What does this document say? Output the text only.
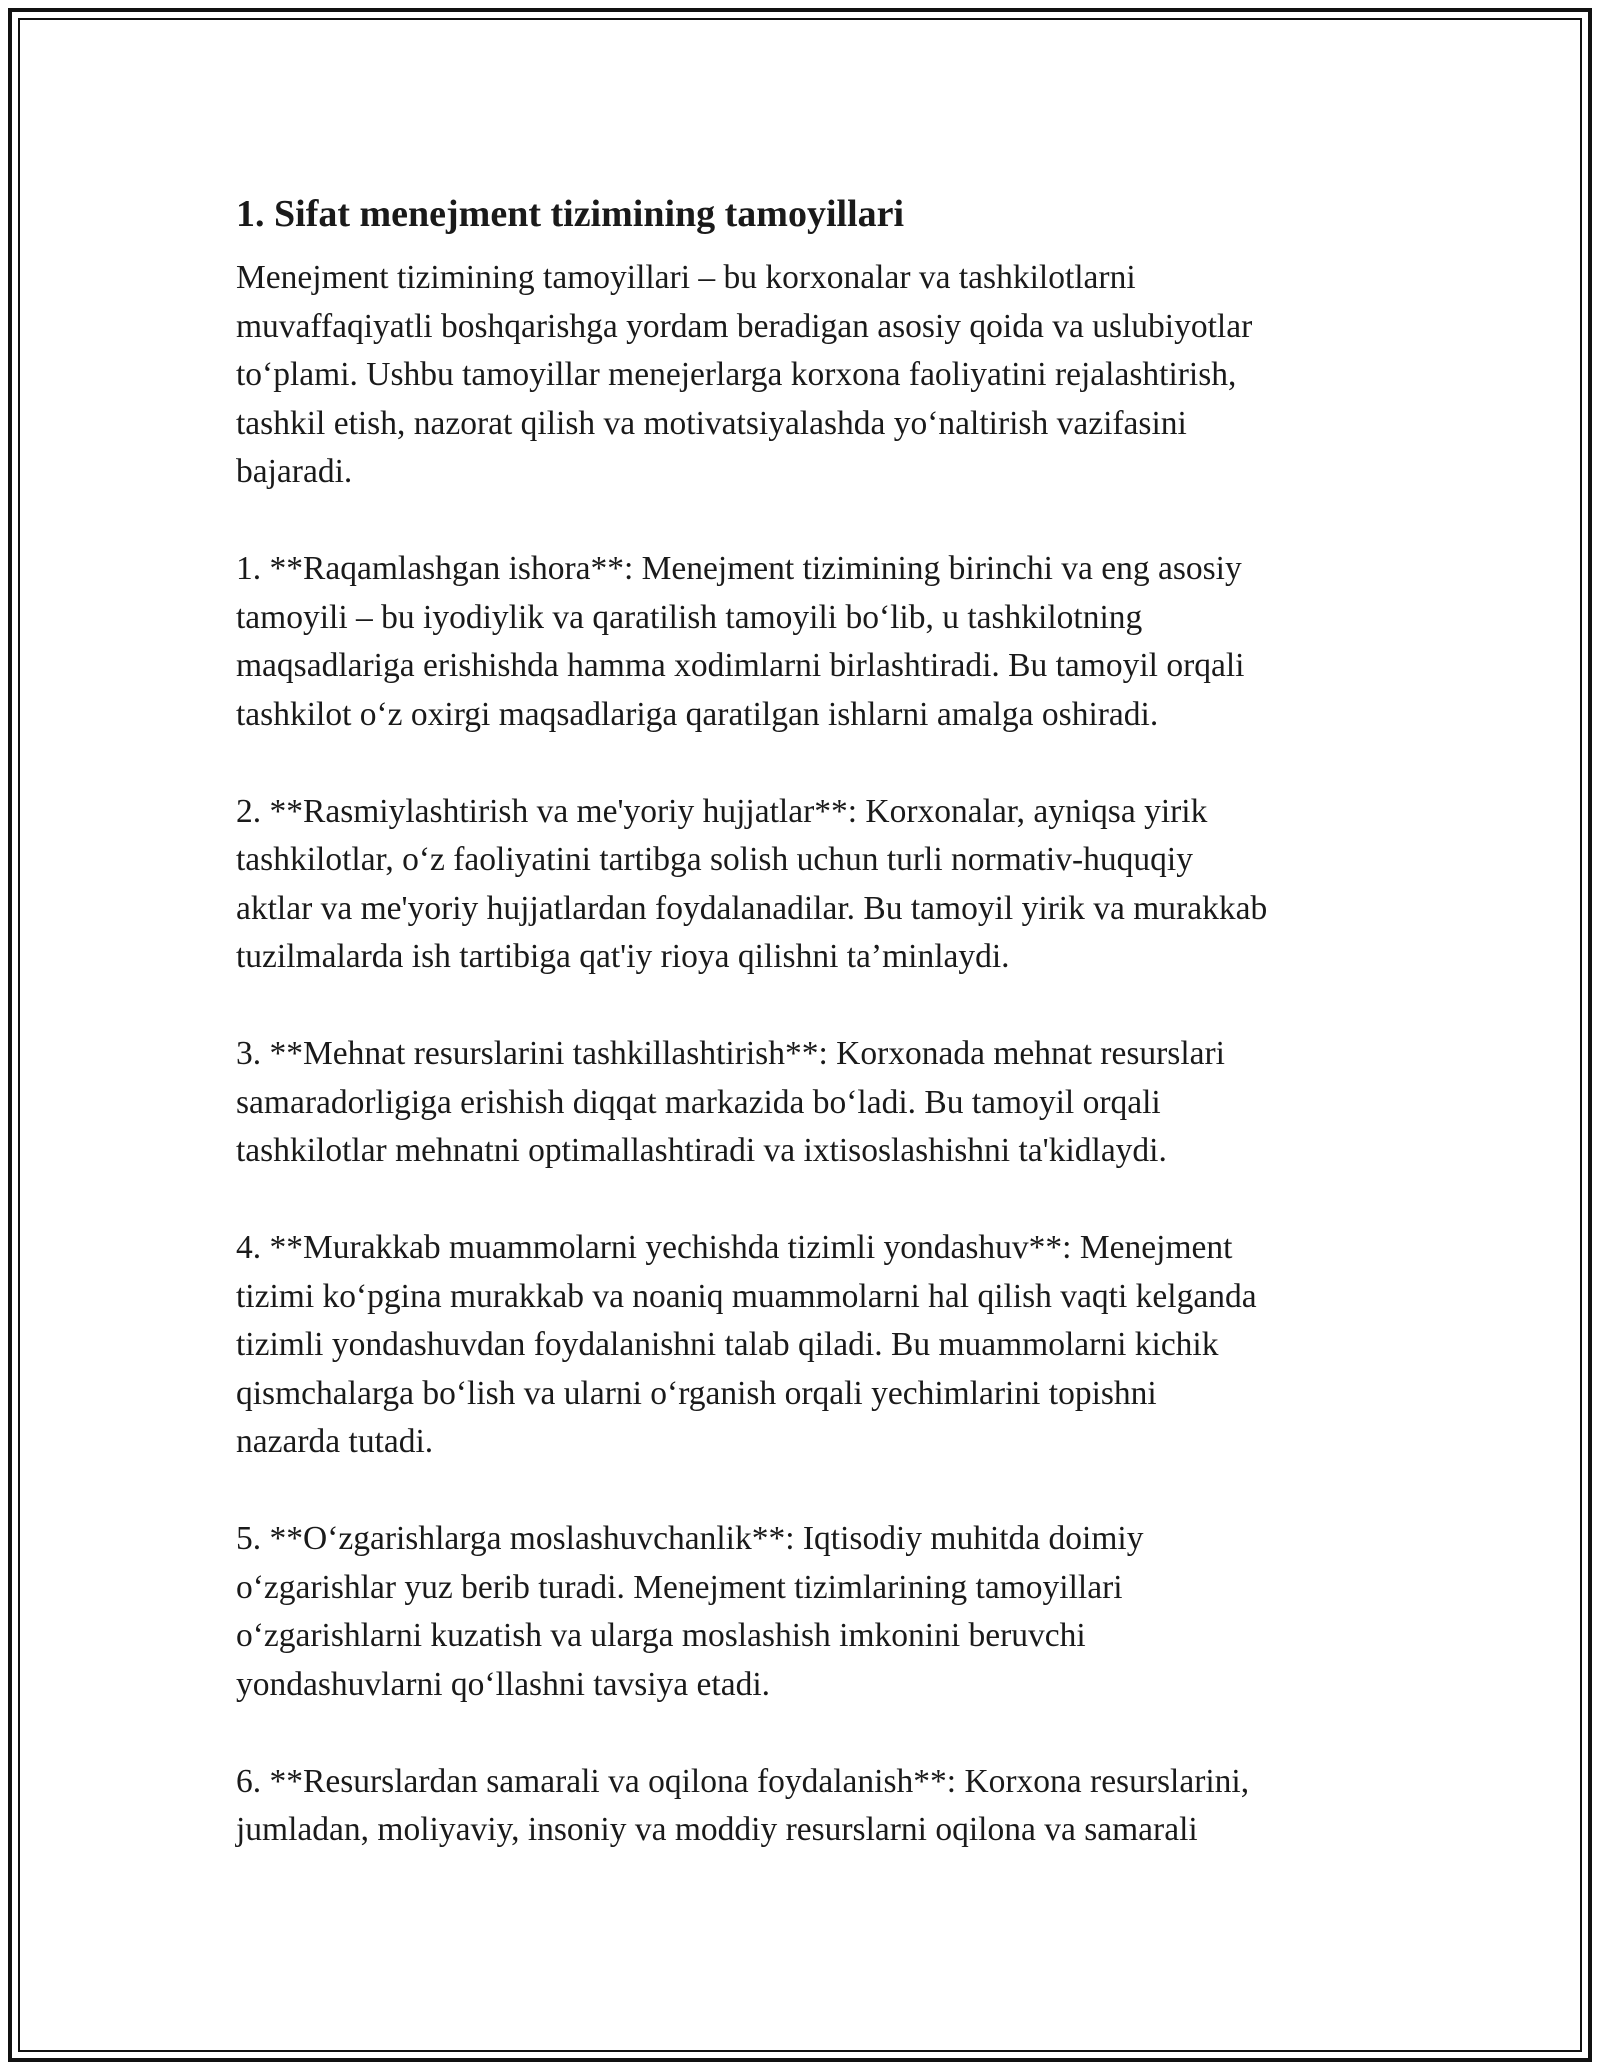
1. Sifat menejment tizimining tamoyillari

Menejment tizimining tamoyillari – bu korxonalar va tashkilotlarni
muvaffaqiyatli boshqarishga yordam beradigan asosiy qoida va uslubiyotlar
to‘plami. Ushbu tamoyillar menejerlarga korxona faoliyatini rejalashtirish,
tashkil etish, nazorat qilish va motivatsiyalashda yo‘naltirish vazifasini
bajaradi.

1. **Raqamlashgan ishora**: Menejment tizimining birinchi va eng asosiy
tamoyili – bu iyodiylik va qaratilish tamoyili bo‘lib, u tashkilotning
maqsadlariga erishishda hamma xodimlarni birlashtiradi. Bu tamoyil orqali
tashkilot o‘z oxirgi maqsadlariga qaratilgan ishlarni amalga oshiradi.

2. **Rasmiylashtirish va me'yoriy hujjatlar**: Korxonalar, ayniqsa yirik
tashkilotlar, o‘z faoliyatini tartibga solish uchun turli normativ-huquqiy
aktlar va me'yoriy hujjatlardan foydalanadilar. Bu tamoyil yirik va murakkab
tuzilmalarda ish tartibiga qat'iy rioya qilishni ta’minlaydi.

3. **Mehnat resurslarini tashkillashtirish**: Korxonada mehnat resurslari
samaradorligiga erishish diqqat markazida bo‘ladi. Bu tamoyil orqali
tashkilotlar mehnatni optimallashtiradi va ixtisoslashishni ta'kidlaydi.

4. **Murakkab muammolarni yechishda tizimli yondashuv**: Menejment
tizimi ko‘pgina murakkab va noaniq muammolarni hal qilish vaqti kelganda
tizimli yondashuvdan foydalanishni talab qiladi. Bu muammolarni kichik
qismchalarga bo‘lish va ularni o‘rganish orqali yechimlarini topishni
nazarda tutadi.

5. **O‘zgarishlarga moslashuvchanlik**: Iqtisodiy muhitda doimiy
o‘zgarishlar yuz berib turadi. Menejment tizimlarining tamoyillari
o‘zgarishlarni kuzatish va ularga moslashish imkonini beruvchi
yondashuvlarni qo‘llashni tavsiya etadi.

6. **Resurslardan samarali va oqilona foydalanish**: Korxona resurslarini,
jumladan, moliyaviy, insoniy va moddiy resurslarni oqilona va samarali
